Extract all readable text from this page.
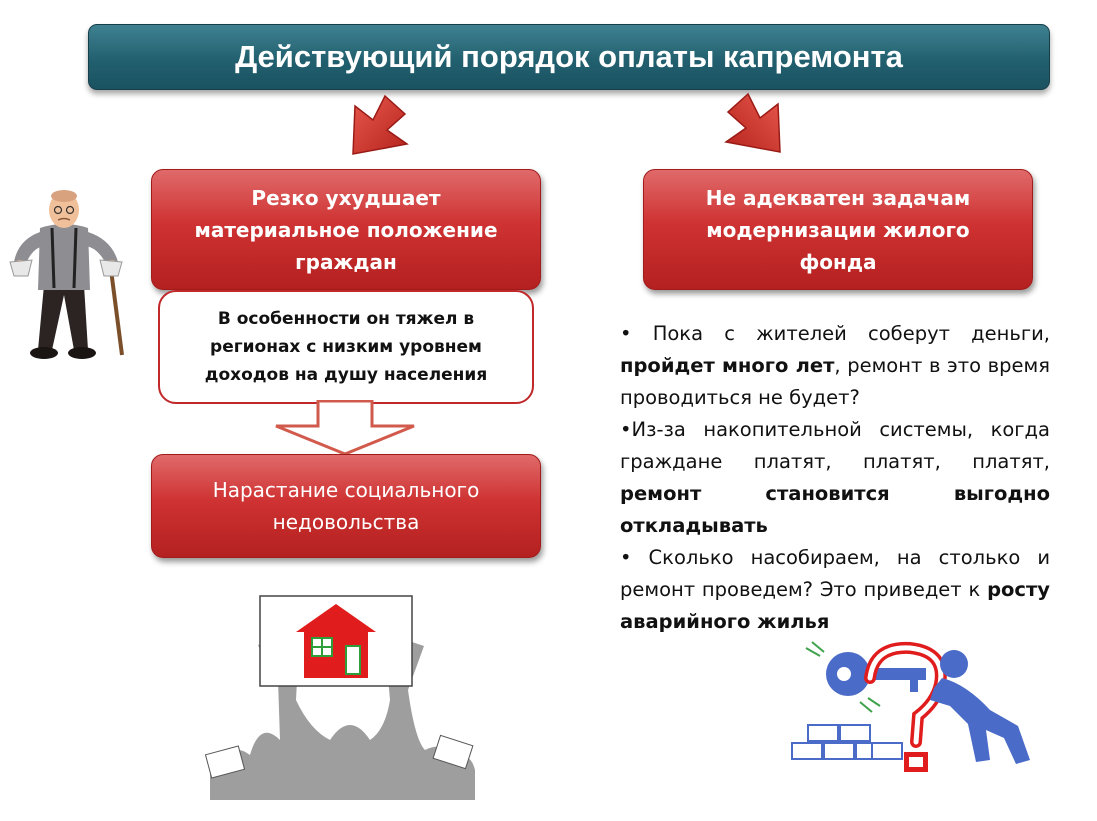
Действующий порядок оплаты капремонта
Резко ухудшает
материальное положение
граждан
В особенности он тяжел в
регионах с низким уровнем
доходов на душу населения
Нарастание социального
недовольства
Не адекватен задачам
модернизации жилого
фонда

• Пока с жителей соберут деньги, пройдет много лет, ремонт в это время проводиться не будет?

•Из-за накопительной системы, когда граждане платят, платят, платят, ремонт становится выгодно откладывать

• Сколько насобираем, на столько и ремонт проведем? Это приведет к росту аварийного жилья
